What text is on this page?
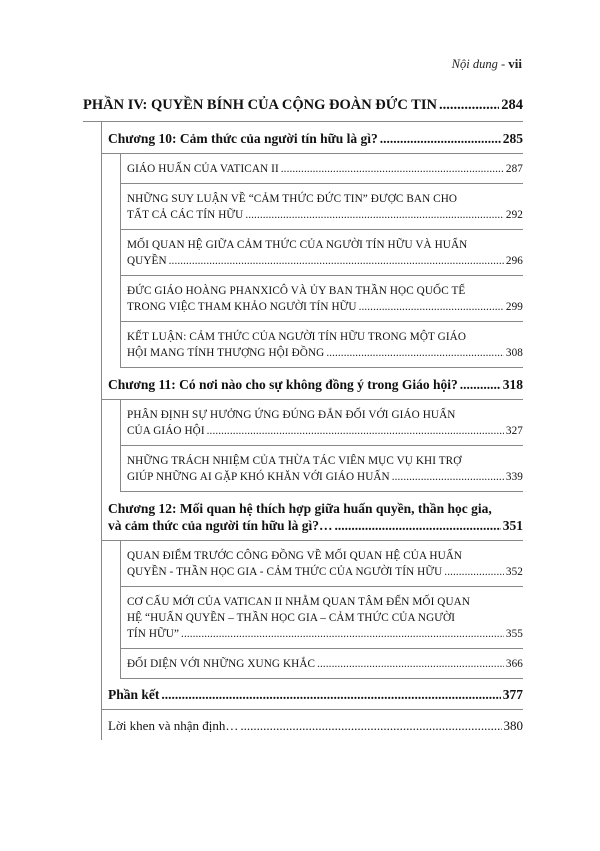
Nội dung - vii
PHẦN IV: QUYỀN BÍNH CỦA CỘNG ĐOÀN ĐỨC TIN .....	284
Chương 10: Cảm thức của người tín hữu là gì? .....	285
GIÁO HUẤN CỦA VATICAN II .....	287
NHỮNG SUY LUẬN VỀ “CẢM THỨC ĐỨC TIN” ĐƯỢC BAN CHO
TẤT CẢ CÁC TÍN HỮU .....	292
MỐI QUAN HỆ GIỮA CẢM THỨC CỦA NGƯỜI TÍN HỮU VÀ HUẤN
QUYỀN .....	296
ĐỨC GIÁO HOÀNG PHANXICÔ VÀ ỦY BAN THẦN HỌC QUỐC TẾ
TRONG VIỆC THAM KHẢO NGƯỜI TÍN HỮU .....	299
KẾT LUẬN: CẢM THỨC CỦA NGƯỜI TÍN HỮU TRONG MỘT GIÁO
HỘI MANG TÍNH THƯỢNG HỘI ĐỒNG .....	308
Chương 11: Có nơi nào cho sự không đồng ý trong Giáo hội? .....	318
PHÂN ĐỊNH SỰ HƯỞNG ỨNG ĐÚNG ĐẮN ĐỐI VỚI GIÁO HUẤN
CỦA GIÁO HỘI .....	327
NHỮNG TRÁCH NHIỆM CỦA THỪA TÁC VIÊN MỤC VỤ KHI TRỢ
GIÚP NHỮNG AI GẶP KHÓ KHĂN VỚI GIÁO HUẤN .....	339
Chương 12: Mối quan hệ thích hợp giữa huấn quyền, thần học gia,
và cảm thức của người tín hữu là gì?… .....	351
QUAN ĐIỂM TRƯỚC CÔNG ĐỒNG VỀ MỐI QUAN HỆ CỦA HUẤN
QUYỀN - THẦN HỌC GIA - CẢM THỨC CỦA NGƯỜI TÍN HỮU .....	352
CƠ CẤU MỚI CỦA VATICAN II NHẰM QUAN TÂM ĐẾN MỐI QUAN
HỆ “HUẤN QUYỀN – THẦN HỌC GIA – CẢM THỨC CỦA NGƯỜI
TÍN HỮU” .....	355
ĐỐI DIỆN VỚI NHỮNG XUNG KHẮC .....	366
Phần kết .....	377
Lời khen và nhận định… .....	380
